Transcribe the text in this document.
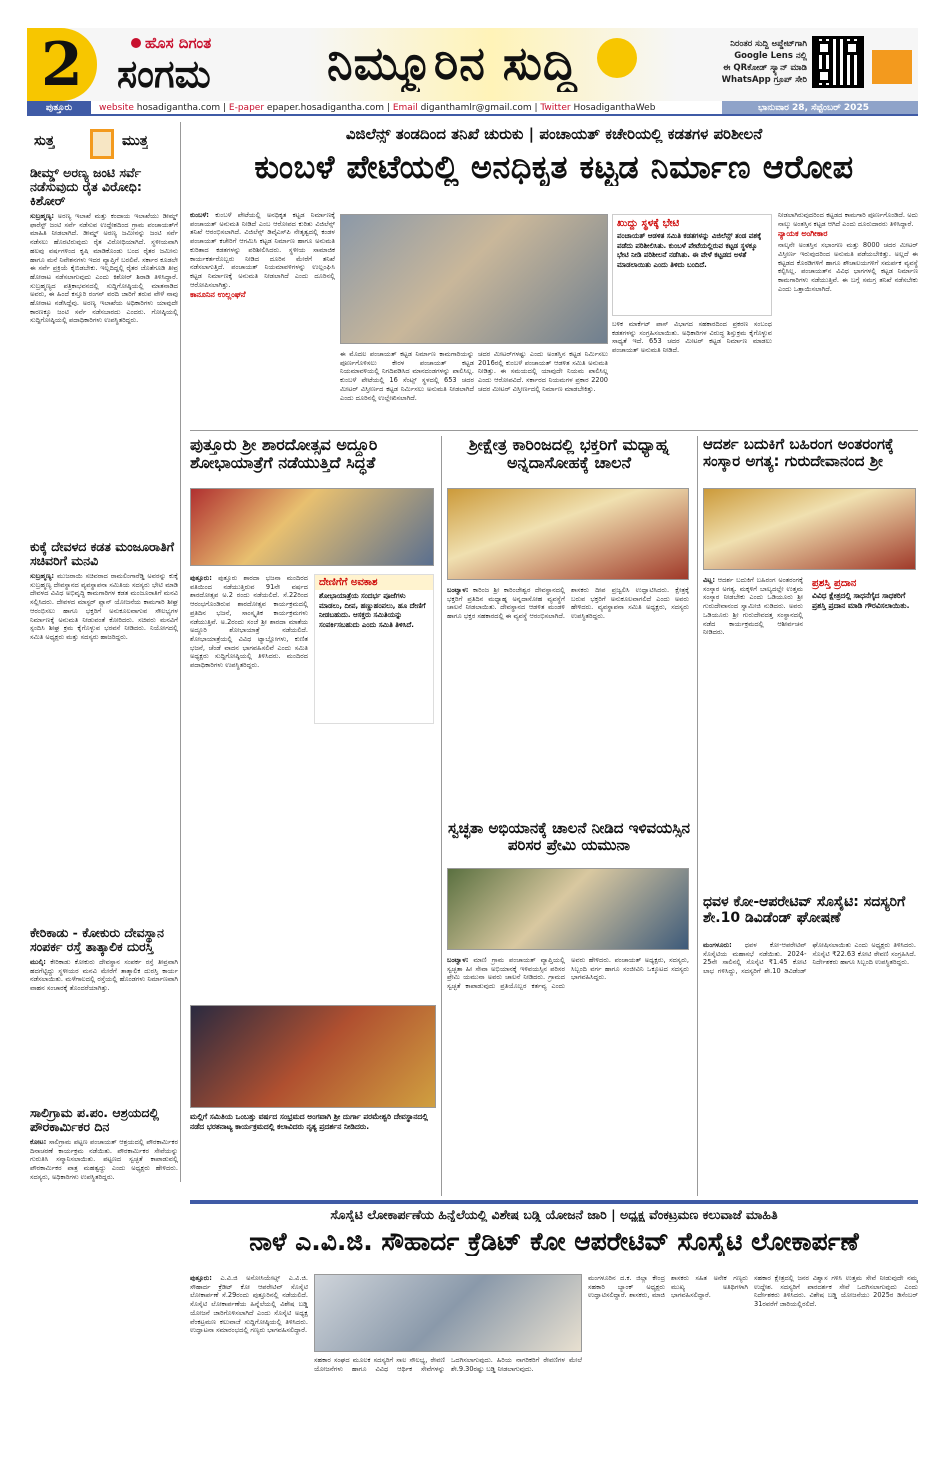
2	ಹೊಸ ದಿಗಂತ
ಸಂಗಮ	ನಿಮ್ಮೂರಿನ ಸುದ್ದಿ	ನಿರಂತರ ಸುದ್ದಿ ಅಪ್ಡೇಟ್‌ಗಾಗಿ
Google Lens ನಲ್ಲಿ
ಈ QRಕೋಡ್ ಸ್ಕ್ಯಾನ್ ಮಾಡಿ
WhatsApp ಗ್ರೂಪ್ ಸೇರಿ
ಪುತ್ತೂರು	website hosadigantha.com | E-paper epaper.hosadigantha.com | Email diganthamlr@gmail.com | Twitter HosadiganthaWeb	ಭಾನುವಾರ 28, ಸೆಪ್ಟೆಂಬರ್ 2025
ಸುತ್ತ	ಮುತ್ತ
ಡೀಮ್ಡ್ ಅರಣ್ಯ ಜಂಟಿ ಸರ್ವೆ ನಡೆಸುವುದು ರೈತ ವಿರೋಧಿ: ಕಿಶೋರ್
ಸುಬ್ರಹ್ಮಣ್ಯ: ಅರಣ್ಯ ಇಲಾಖೆ ಮತ್ತು ಕಂದಾಯ ಇಲಾಖೆಯು ಡೀಮ್ಡ್ ಫಾರೆಸ್ಟ್ ಜಂಟಿ ಸರ್ವೆ ನಡೆಸುವ ಉದ್ದೇಶದಿಂದ ಗ್ರಾಮ ಪಂಚಾಯತ್‌ಗೆ ಮಾಹಿತಿ ನೀಡಲಾಗಿದೆ. ಡೀಮ್ಡ್ ಅರಣ್ಯ ಜಮೀನನ್ನು ಜಂಟಿ ಸರ್ವೆ ನಡೆಸಲು ಹೊರಟಿರುವುದು ರೈತ ವಿರೋಧಿಯಾಗಿದೆ. ಸ್ಥಳೀಯವಾಗಿ ಹಲವು ವರ್ಷಗಳಿಂದ ಕೃಷಿ ಮಾಡಿಕೊಂಡು ಬಂದ ರೈತರ ಜಮೀನು ಹಾಗೂ ಮನೆ ನಿವೇಶನಗಳು ಇದರ ವ್ಯಾಪ್ತಿಗೆ ಬರಲಿವೆ. ಸರ್ಕಾರ ಕೂಡಲೇ ಈ ಸರ್ವೆ ಪ್ರಕ್ರಿಯೆ ಕೈಬಿಡಬೇಕು. ಇಲ್ಲದಿದ್ದಲ್ಲಿ ರೈತರ ಜೊತೆಗೂಡಿ ತೀವ್ರ ಹೋರಾಟ ನಡೆಸಲಾಗುವುದು ಎಂದು ಕಿಶೋರ್ ಶಿರಾಡಿ ತಿಳಿಸಿದ್ದಾರೆ. ಸುಬ್ರಹ್ಮಣ್ಯದ ಪತ್ರಿಕಾಭವನದಲ್ಲಿ ಸುದ್ದಿಗೋಷ್ಠಿಯಲ್ಲಿ ಮಾತನಾಡಿದ ಅವರು, ಈ ಹಿಂದೆ ಕಸ್ತೂರಿ ರಂಗನ್ ವರದಿ ಜಾರಿಗೆ ತರುವ ವೇಳೆ ನಾವು ಹೋರಾಟ ನಡೆಸಿದ್ದೆವು. ಅರಣ್ಯ ಇಲಾಖೆಯ ಅಧಿಕಾರಿಗಳು ಯಾವುದೇ ಕಾರಣಕ್ಕೂ ಜಂಟಿ ಸರ್ವೆ ನಡೆಸಬಾರದು ಎಂದರು. ಗೋಷ್ಠಿಯಲ್ಲಿ ಸುದ್ದಿಗೋಷ್ಠಿಯಲ್ಲಿ ಪದಾಧಿಕಾರಿಗಳು ಉಪಸ್ಥಿತರಿದ್ದರು.
ಕುಕ್ಕೆ ದೇವಳದ ಕಡತ ಮಂಜೂರಾತಿಗೆ ಸಚಿವರಿಗೆ ಮನವಿ
ಸುಬ್ರಹ್ಮಣ್ಯ: ಮುಜರಾಯಿ ಸಚಿವರಾದ ರಾಮಲಿಂಗಾರೆಡ್ಡಿ ಅವರನ್ನು ಕುಕ್ಕೆ ಸುಬ್ರಹ್ಮಣ್ಯ ದೇವಸ್ಥಾನದ ವ್ಯವಸ್ಥಾಪನಾ ಸಮಿತಿಯ ಸದಸ್ಯರು ಭೇಟಿ ಮಾಡಿ ದೇವಳದ ವಿವಿಧ ಅಭಿವೃದ್ಧಿ ಕಾಮಗಾರಿಗಳ ಕಡತ ಮಂಜೂರಾತಿಗೆ ಮನವಿ ಸಲ್ಲಿಸಿದರು. ದೇವಳದ ಮಾಸ್ಟರ್ ಪ್ಲಾನ್ ಯೋಜನೆಯ ಕಾಮಗಾರಿ ಶೀಘ್ರ ಆರಂಭಿಸಲು ಹಾಗೂ ಭಕ್ತರಿಗೆ ಅನುಕೂಲವಾಗುವ ಸೌಲಭ್ಯಗಳ ನಿರ್ಮಾಣಕ್ಕೆ ಅನುಮತಿ ನೀಡುವಂತೆ ಕೋರಿದರು. ಸಚಿವರು ಮನವಿಗೆ ಸ್ಪಂದಿಸಿ ಶೀಘ್ರ ಕ್ರಮ ಕೈಗೊಳ್ಳುವ ಭರವಸೆ ನೀಡಿದರು. ನಿಯೋಗದಲ್ಲಿ ಸಮಿತಿ ಅಧ್ಯಕ್ಷರು ಮತ್ತು ಸದಸ್ಯರು ಹಾಜರಿದ್ದರು.
ಕೇರಿಕಾಡು - ಕೋಕುರು ದೇವಸ್ಥಾನ ಸಂಪರ್ಕ ರಸ್ತೆ ತಾತ್ಕಾಲಿಕ ದುರಸ್ತಿ
ಮುಲ್ಕಿ: ಕೇರಿಕಾಡು ಕೋಕುರು ದೇವಸ್ಥಾನ ಸಂಪರ್ಕ ರಸ್ತೆ ತೀವ್ರವಾಗಿ ಹದಗೆಟ್ಟಿದ್ದು ಸ್ಥಳೀಯರ ಮನವಿ ಮೇರೆಗೆ ತಾತ್ಕಾಲಿಕ ದುರಸ್ತಿ ಕಾರ್ಯ ನಡೆಸಲಾಯಿತು. ಮಳೆಗಾಲದಲ್ಲಿ ರಸ್ತೆಯಲ್ಲಿ ಹೊಂಡಗಳು ನಿರ್ಮಾಣವಾಗಿ ವಾಹನ ಸಂಚಾರಕ್ಕೆ ತೊಂದರೆಯಾಗಿತ್ತು.
ಸಾಲಿಗ್ರಾಮ ಪ.ಪಂ. ಆಶ್ರಯದಲ್ಲಿ ಪೌರಕಾರ್ಮಿಕರ ದಿನ
ಕೋಟ: ಸಾಲಿಗ್ರಾಮ ಪಟ್ಟಣ ಪಂಚಾಯತ್ ಆಶ್ರಯದಲ್ಲಿ ಪೌರಕಾರ್ಮಿಕರ ದಿನಾಚರಣೆ ಕಾರ್ಯಕ್ರಮ ನಡೆಯಿತು. ಪೌರಕಾರ್ಮಿಕರ ಸೇವೆಯನ್ನು ಗುರುತಿಸಿ ಸನ್ಮಾನಿಸಲಾಯಿತು. ಪಟ್ಟಣದ ಸ್ವಚ್ಛತೆ ಕಾಪಾಡುವಲ್ಲಿ ಪೌರಕಾರ್ಮಿಕರ ಪಾತ್ರ ಮಹತ್ವದ್ದು ಎಂದು ಅಧ್ಯಕ್ಷರು ಹೇಳಿದರು. ಸದಸ್ಯರು, ಅಧಿಕಾರಿಗಳು ಉಪಸ್ಥಿತರಿದ್ದರು.
ವಿಜಿಲೆನ್ಸ್ ತಂಡದಿಂದ ತನಿಖೆ ಚುರುಕು | ಪಂಚಾಯತ್ ಕಚೇರಿಯಲ್ಲಿ ಕಡತಗಳ ಪರಿಶೀಲನೆ
ಕುಂಬಳೆ ಪೇಟೆಯಲ್ಲಿ ಅನಧಿಕೃತ ಕಟ್ಟಡ ನಿರ್ಮಾಣ ಆರೋಪ
ಕುಂಬಳೆ: ಕುಂಬಳೆ ಪೇಟೆಯಲ್ಲಿ ಅನಧಿಕೃತ ಕಟ್ಟಡ ನಿರ್ಮಾಣಕ್ಕೆ ಪಂಚಾಯತ್ ಅನುಮತಿ ನೀಡಿದೆ ಎಂಬ ಆರೋಪದ ಕುರಿತು ವಿಜಿಲೆನ್ಸ್ ತನಿಖೆ ಆರಂಭಿಸಲಾಗಿದೆ. ವಿಜಿಲೆನ್ಸ್ ಡಿವೈಎಸ್‌ಪಿ ನೇತೃತ್ವದಲ್ಲಿ ಕಂಡಳ ಪಂಚಾಯತ್ ಕಚೇರಿಗೆ ಆಗಮಿಸಿ ಕಟ್ಟಡ ನಿರ್ಮಾಣ ಹಾಗೂ ಅನುಮತಿ ಕುರಿತಾದ ಕಡತಗಳನ್ನು ಪರಿಶೀಲಿಸಿದರು. ಸ್ಥಳೀಯ ಸಾಮಾಜಿಕ ಕಾರ್ಯಕರ್ತರೊಬ್ಬರು ನೀಡಿದ ದೂರಿನ ಮೇರೆಗೆ ತನಿಖೆ ನಡೆಸಲಾಗುತ್ತಿದೆ. ಪಂಚಾಯತ್ ನಿಯಮಾವಳಿಗಳನ್ನು ಉಲ್ಲಂಘಿಸಿ ಕಟ್ಟಡ ನಿರ್ಮಾಣಕ್ಕೆ ಅನುಮತಿ ನೀಡಲಾಗಿದೆ ಎಂದು ದೂರಿನಲ್ಲಿ ಆರೋಪಿಸಲಾಗಿತ್ತು.
ಕಾನೂನಿನ ಉಲ್ಲಂಘನೆ
ಈ ಮೊದಲ ಪಂಚಾಯತ್ ಕಟ್ಟಡ ನಿರ್ಮಾಣ ಕಾಮಗಾರಿಯನ್ನು ಪೂರ್ಣಗೊಳಿಸಲು ಕೇರಳ ಪಂಚಾಯತ್ ಕಟ್ಟಡ ನಿಯಮಾವಳಿಯಲ್ಲಿ ನಿಗದಿಪಡಿಸಿದ ಮಾನದಂಡಗಳನ್ನು ಪಾಲಿಸಿಲ್ಲ. ಕುಂಬಳೆ ಪೇಟೆಯಲ್ಲಿ 16 ಸೆಂಟ್ಸ್ ಸ್ಥಳದಲ್ಲಿ 653 ಚದರ ಮೀಟರ್ ವಿಸ್ತೀರ್ಣದ ಕಟ್ಟಡ ನಿರ್ಮಿಸಲು ಅನುಮತಿ ನೀಡಲಾಗಿದೆ ಎಂದು ದೂರಿನಲ್ಲಿ ಉಲ್ಲೇಖಿಸಲಾಗಿದೆ.
ಚದರ ಮೀಟರ್‌ಗಳಷ್ಟು ಎಂದು ಅಂತಸ್ತಿನ ಕಟ್ಟಡ ನಿರ್ಮಿಸಲು 2016ರಲ್ಲಿ ಕುಂಬಳೆ ಪಂಚಾಯತ್ ಆಡಳಿತ ಸಮಿತಿ ಅನುಮತಿ ನೀಡಿತ್ತು. ಈ ಸಮಯದಲ್ಲಿ ಯಾವುದೇ ನಿಯಮ ಪಾಲಿಸಿಲ್ಲ ಎಂದು ಆರೋಪವಿದೆ. ಸರ್ಕಾರದ ನಿಯಮಗಳ ಪ್ರಕಾರ 2200 ಚದರ ಮೀಟರ್ ವಿಸ್ತೀರ್ಣದಲ್ಲಿ ನಿರ್ಮಾಣ ಮಾಡಬೇಕಿತ್ತು.
ಖುದ್ದು ಸ್ಥಳಕ್ಕೆ ಭೇಟಿ
ಪಂಚಾಯತ್ ಆಡಳಿತ ಸಮಿತಿ ಕಡತಗಳನ್ನು ವಿಜಿಲೆನ್ಸ್ ತಂಡ ವಶಕ್ಕೆ ಪಡೆದು ಪರಿಶೀಲಿಸಿತು. ಕುಂಬಳೆ ಪೇಟೆಯಲ್ಲಿರುವ ಕಟ್ಟಡ ಸ್ಥಳಕ್ಕೂ ಭೇಟಿ ನೀಡಿ ಪರಿಶೀಲನೆ ನಡೆಸಿತು. ಈ ವೇಳೆ ಕಟ್ಟಡದ ಅಳತೆ ಮಾಡಲಾಯಿತು ಎಂದು ತಿಳಿದು ಬಂದಿದೆ.
ಬಳಿಕ ಮಾರ್ಕೆಟ್ ಪಾಸ್ ವಿಭಾಗದ ಸಹಕಾರದಿಂದ ಪ್ರಕರಣ ಸಂಬಂಧ ಕಡತಗಳನ್ನು ಸಂಗ್ರಹಿಸಲಾಯಿತು. ಅಧಿಕಾರಿಗಳ ವಿರುದ್ಧ ಶಿಸ್ತುಕ್ರಮ ಕೈಗೊಳ್ಳುವ ಸಾಧ್ಯತೆ ಇದೆ. 653 ಚದರ ಮೀಟರ್ ಕಟ್ಟಡ ನಿರ್ಮಾಣ ಮಾಡಲು ಪಂಚಾಯತ್ ಅನುಮತಿ ನೀಡಿದೆ.
ನೀಡಲಾಗಿರುವುದರಿಂದ ಕಟ್ಟಡದ ಕಾಮಗಾರಿ ಪೂರ್ಣಗೊಂಡಿದೆ. ಅದು ನಾಲ್ಕು ಅಂತಸ್ತಿನ ಕಟ್ಟಡ ಆಗಿದೆ ಎಂದು ದೂರುದಾರರು ತಿಳಿಸಿದ್ದಾರೆ.
ನ್ಯಾಯಕ ಅಂಗೀಕಾರ
ನಾಲ್ಕನೇ ಅಂತಸ್ತಿನ ಸಭಾಂಗಣ ಮತ್ತು 8000 ಚದರ ಮೀಟರ್ ವಿಸ್ತೀರ್ಣ ಇರುವುದರಿಂದ ಅನುಮತಿ ಪಡೆಯಬೇಕಿತ್ತು. ಅಲ್ಲದೆ ಈ ಕಟ್ಟಡದ ಕೊಠಡಿಗಳಿಗೆ ಹಾಗೂ ಶೌಚಾಲಯಗಳಿಗೆ ಸಮರ್ಪಕ ವ್ಯವಸ್ಥೆ ಕಲ್ಪಿಸಿಲ್ಲ. ಪಂಚಾಯತ್‌ನ ವಿವಿಧ ಭಾಗಗಳಲ್ಲಿ ಕಟ್ಟಡ ನಿರ್ಮಾಣ ಕಾಮಗಾರಿಗಳು ನಡೆಯುತ್ತಿವೆ. ಈ ಬಗ್ಗೆ ಸಮಗ್ರ ತನಿಖೆ ನಡೆಸಬೇಕು ಎಂದು ಒತ್ತಾಯಿಸಲಾಗಿದೆ.
ಪುತ್ತೂರು ಶ್ರೀ ಶಾರದೋತ್ಸವ ಅದ್ದೂರಿ ಶೋಭಾಯಾತ್ರೆಗೆ ನಡೆಯುತ್ತಿದೆ ಸಿದ್ಧತೆ
ಪುತ್ತೂರು: ಪುತ್ತೂರು ಶಾರದಾ ಭಜನಾ ಮಂದಿರದ ವತಿಯಿಂದ ನಡೆಯುತ್ತಿರುವ 91ನೇ ವರ್ಷದ ಶಾರದೋತ್ಸವ ಅ.2 ರಂದು ನಡೆಯಲಿದೆ. ಸೆ.22ರಿಂದ ಆರಂಭಗೊಂಡಿರುವ ಶಾರದೋತ್ಸವ ಕಾರ್ಯಕ್ರಮದಲ್ಲಿ ಪ್ರತಿದಿನ ಭಜನೆ, ಸಾಂಸ್ಕೃತಿಕ ಕಾರ್ಯಕ್ರಮಗಳು ನಡೆಯುತ್ತಿವೆ. ಅ.2ರಂದು ಸಂಜೆ ಶ್ರೀ ಶಾರದಾ ಮಾತೆಯ ಅದ್ದೂರಿ ಶೋಭಾಯಾತ್ರೆ ನಡೆಯಲಿದೆ. ಶೋಭಾಯಾತ್ರೆಯಲ್ಲಿ ವಿವಿಧ ಟ್ಯಾಬ್ಲೋಗಳು, ಕುಣಿತ ಭಜನೆ, ಚೆಂಡೆ ವಾದನ ಭಾಗವಹಿಸಲಿವೆ ಎಂದು ಸಮಿತಿ ಅಧ್ಯಕ್ಷರು ಸುದ್ದಿಗೋಷ್ಠಿಯಲ್ಲಿ ತಿಳಿಸಿದರು. ಮಂದಿರದ ಪದಾಧಿಕಾರಿಗಳು ಉಪಸ್ಥಿತರಿದ್ದರು.
ದೇಣಿಗೆಗೆ ಅವಕಾಶ
ಶೋಭಾಯಾತ್ರೆಯ ಸಂದರ್ಭ ಪೂಜೆಗಳು ಮಾಡಲು, ದೀಪ, ಹಣ್ಣುಹಂಪಲು, ಹೂ ದೇಣಿಗೆ ನೀಡಬಹುದು. ಆಸಕ್ತರು ಸಮಿತಿಯನ್ನು ಸಂಪರ್ಕಿಸಬಹುದು ಎಂದು ಸಮಿತಿ ತಿಳಿಸಿದೆ.
ಶ್ರೀಕ್ಷೇತ್ರ ಕಾರಿಂಜದಲ್ಲಿ ಭಕ್ತರಿಗೆ ಮಧ್ಯಾಹ್ನ ಅನ್ನದಾಸೋಹಕ್ಕೆ ಚಾಲನೆ
ಬಂಟ್ವಾಳ: ಕಾರಿಂಜ ಶ್ರೀ ಕಾರಿಂಜೇಶ್ವರ ದೇವಸ್ಥಾನದಲ್ಲಿ ಭಕ್ತರಿಗೆ ಪ್ರತಿದಿನ ಮಧ್ಯಾಹ್ನ ಅನ್ನದಾಸೋಹ ವ್ಯವಸ್ಥೆಗೆ ಚಾಲನೆ ನೀಡಲಾಯಿತು. ದೇವಸ್ಥಾನದ ಆಡಳಿತ ಮಂಡಳಿ ಹಾಗೂ ಭಕ್ತರ ಸಹಕಾರದಲ್ಲಿ ಈ ವ್ಯವಸ್ಥೆ ಆರಂಭಿಸಲಾಗಿದೆ. ಶಾಸಕರು ದೀಪ ಪ್ರಜ್ವಲಿಸಿ ಉದ್ಘಾಟಿಸಿದರು. ಕ್ಷೇತ್ರಕ್ಕೆ ಬರುವ ಭಕ್ತರಿಗೆ ಅನುಕೂಲವಾಗಲಿದೆ ಎಂದು ಅವರು ಹೇಳಿದರು. ವ್ಯವಸ್ಥಾಪನಾ ಸಮಿತಿ ಅಧ್ಯಕ್ಷರು, ಸದಸ್ಯರು ಉಪಸ್ಥಿತರಿದ್ದರು.
ಆದರ್ಶ ಬದುಕಿಗೆ ಬಹಿರಂಗ ಅಂತರಂಗಕ್ಕೆ ಸಂಸ್ಕಾರ ಅಗತ್ಯ: ಗುರುದೇವಾನಂದ ಶ್ರೀ
ವಿಟ್ಲ: ಆದರ್ಶ ಬದುಕಿಗೆ ಬಹಿರಂಗ ಅಂತರಂಗಕ್ಕೆ ಸಂಸ್ಕಾರ ಅಗತ್ಯ. ಮಕ್ಕಳಿಗೆ ಬಾಲ್ಯದಲ್ಲೇ ಉತ್ತಮ ಸಂಸ್ಕಾರ ನೀಡಬೇಕು ಎಂದು ಒಡಿಯೂರು ಶ್ರೀ ಗುರುದೇವಾನಂದ ಸ್ವಾಮೀಜಿ ನುಡಿದರು. ಅವರು ಒಡಿಯೂರು ಶ್ರೀ ಗುರುದೇವದತ್ತ ಸಂಸ್ಥಾನದಲ್ಲಿ ನಡೆದ ಕಾರ್ಯಕ್ರಮದಲ್ಲಿ ಆಶೀರ್ವಚನ ನೀಡಿದರು.
ಪ್ರಶಸ್ತಿ ಪ್ರದಾನ
ವಿವಿಧ ಕ್ಷೇತ್ರದಲ್ಲಿ ಸಾಧನೆಗೈದ ಸಾಧಕರಿಗೆ ಪ್ರಶಸ್ತಿ ಪ್ರದಾನ ಮಾಡಿ ಗೌರವಿಸಲಾಯಿತು.
ಸ್ವಚ್ಛತಾ ಅಭಿಯಾನಕ್ಕೆ ಚಾಲನೆ ನೀಡಿದ ಇಳಿವಯಸ್ಸಿನ ಪರಿಸರ ಪ್ರೇಮಿ ಯಮುನಾ
ಬಂಟ್ವಾಳ: ಮಾಣಿ ಗ್ರಾಮ ಪಂಚಾಯತ್ ವ್ಯಾಪ್ತಿಯಲ್ಲಿ ಸ್ವಚ್ಛತಾ ಹೀ ಸೇವಾ ಅಭಿಯಾನಕ್ಕೆ ಇಳಿವಯಸ್ಸಿನ ಪರಿಸರ ಪ್ರೇಮಿ ಯಮುನಾ ಅವರು ಚಾಲನೆ ನೀಡಿದರು. ಗ್ರಾಮದ ಸ್ವಚ್ಛತೆ ಕಾಪಾಡುವುದು ಪ್ರತಿಯೊಬ್ಬರ ಕರ್ತವ್ಯ ಎಂದು ಅವರು ಹೇಳಿದರು. ಪಂಚಾಯತ್ ಅಧ್ಯಕ್ಷರು, ಸದಸ್ಯರು, ಸಿಬ್ಬಂದಿ ವರ್ಗ ಹಾಗೂ ಸಂಜೀವಿನಿ ಒಕ್ಕೂಟದ ಸದಸ್ಯರು ಭಾಗವಹಿಸಿದ್ದರು.
ಧವಳ ಕೋ-ಆಪರೇಟಿವ್ ಸೊಸೈಟಿ: ಸದಸ್ಯರಿಗೆ ಶೇ.10 ಡಿವಿಡೆಂಡ್ ಘೋಷಣೆ
ಮಂಗಳೂರು: ಧವಳ ಕೋ-ಆಪರೇಟಿವ್ ಸೊಸೈಟಿಯ ಮಹಾಸಭೆ ನಡೆಯಿತು. 2024-25ನೇ ಸಾಲಿನಲ್ಲಿ ಸೊಸೈಟಿ ₹1.45 ಕೋಟಿ ಲಾಭ ಗಳಿಸಿದ್ದು, ಸದಸ್ಯರಿಗೆ ಶೇ.10 ಡಿವಿಡೆಂಡ್ ಘೋಷಿಸಲಾಯಿತು ಎಂದು ಅಧ್ಯಕ್ಷರು ತಿಳಿಸಿದರು. ಸೊಸೈಟಿ ₹22.63 ಕೋಟಿ ಠೇವಣಿ ಸಂಗ್ರಹಿಸಿದೆ. ನಿರ್ದೇಶಕರು ಹಾಗೂ ಸಿಬ್ಬಂದಿ ಉಪಸ್ಥಿತರಿದ್ದರು.
ಮಲ್ಲಿಗೆ ಸಮಿತಿಯ ಒಂಬತ್ತು ವರ್ಷದ ಸಂಭ್ರಮದ ಅಂಗವಾಗಿ ಶ್ರೀ ದುರ್ಗಾ ಪರಮೇಶ್ವರಿ ದೇವಸ್ಥಾನದಲ್ಲಿ ನಡೆದ ಭರತನಾಟ್ಯ ಕಾರ್ಯಕ್ರಮದಲ್ಲಿ ಕಲಾವಿದರು ನೃತ್ಯ ಪ್ರದರ್ಶನ ನೀಡಿದರು.
ಸೊಸೈಟಿ ಲೋಕಾರ್ಪಣೆಯ ಹಿನ್ನೆಲೆಯಲ್ಲಿ ವಿಶೇಷ ಬಡ್ಡಿ ಯೋಜನೆ ಜಾರಿ | ಅಧ್ಯಕ್ಷ ವೆಂಕಟ್ರಮಣ ಕಲುವಾಜೆ ಮಾಹಿತಿ
ನಾಳೆ ಎ.ವಿ.ಜಿ. ಸೌಹಾರ್ದ ಕ್ರೆಡಿಟ್ ಕೋ ಆಪರೇಟಿವ್ ಸೊಸೈಟಿ ಲೋಕಾರ್ಪಣೆ
ಪುತ್ತೂರು: ಎ.ವಿ.ಜಿ ಅಸೋಸಿಯೇಟ್ಸ್ ಎ.ವಿ.ಜಿ. ಸೌಹಾರ್ದ ಕ್ರೆಡಿಟ್ ಕೋ ಆಪರೇಟಿವ್ ಸೊಸೈಟಿ ಲೋಕಾರ್ಪಣೆ ಸೆ.29ರಂದು ಪುತ್ತೂರಿನಲ್ಲಿ ನಡೆಯಲಿದೆ. ಸೊಸೈಟಿ ಲೋಕಾರ್ಪಣೆಯ ಹಿನ್ನೆಲೆಯಲ್ಲಿ ವಿಶೇಷ ಬಡ್ಡಿ ಯೋಜನೆ ಜಾರಿಗೊಳಿಸಲಾಗಿದೆ ಎಂದು ಸೊಸೈಟಿ ಅಧ್ಯಕ್ಷ ವೆಂಕಟ್ರಮಣ ಕಲುವಾಜೆ ಸುದ್ದಿಗೋಷ್ಠಿಯಲ್ಲಿ ತಿಳಿಸಿದರು. ಉದ್ಘಾಟನಾ ಸಮಾರಂಭದಲ್ಲಿ ಗಣ್ಯರು ಭಾಗವಹಿಸಲಿದ್ದಾರೆ.
ಸಹಕಾರ ಸಂಘದ ಮೂಲಕ ಸದಸ್ಯರಿಗೆ ಸಾಲ ಸೌಲಭ್ಯ, ಠೇವಣಿ ಯೋಜನೆಗಳು ಹಾಗೂ ವಿವಿಧ ಆರ್ಥಿಕ ಸೇವೆಗಳನ್ನು ಒದಗಿಸಲಾಗುವುದು. ಹಿರಿಯ ನಾಗರಿಕರಿಗೆ ಠೇವಣಿಗಳ ಮೇಲೆ ಶೇ.9.30ರಷ್ಟು ಬಡ್ಡಿ ನೀಡಲಾಗುವುದು.
ಮಂಗಳೂರಿನ ದ.ಕ. ಜಿಲ್ಲಾ ಕೇಂದ್ರ ಸಹಕಾರಿ ಬ್ಯಾಂಕ್ ಅಧ್ಯಕ್ಷರು ಉದ್ಘಾಟಿಸಲಿದ್ದಾರೆ. ಶಾಸಕರು, ಮಾಜಿ ಶಾಸಕರು ಸಹಿತ ಅನೇಕ ಗಣ್ಯರು ಮುಖ್ಯ ಅತಿಥಿಗಳಾಗಿ ಭಾಗವಹಿಸಲಿದ್ದಾರೆ.
ಸಹಕಾರ ಕ್ಷೇತ್ರದಲ್ಲಿ ಜನರ ವಿಶ್ವಾಸ ಗಳಿಸಿ ಉತ್ತಮ ಸೇವೆ ನೀಡುವುದೇ ನಮ್ಮ ಉದ್ದೇಶ. ಸದಸ್ಯರಿಗೆ ಪಾರದರ್ಶಕ ಸೇವೆ ಒದಗಿಸಲಾಗುವುದು ಎಂದು ನಿರ್ದೇಶಕರು ತಿಳಿಸಿದರು. ವಿಶೇಷ ಬಡ್ಡಿ ಯೋಜನೆಯು 2025ರ ಡಿಸೆಂಬರ್ 31ರವರೆಗೆ ಜಾರಿಯಲ್ಲಿರಲಿದೆ.
